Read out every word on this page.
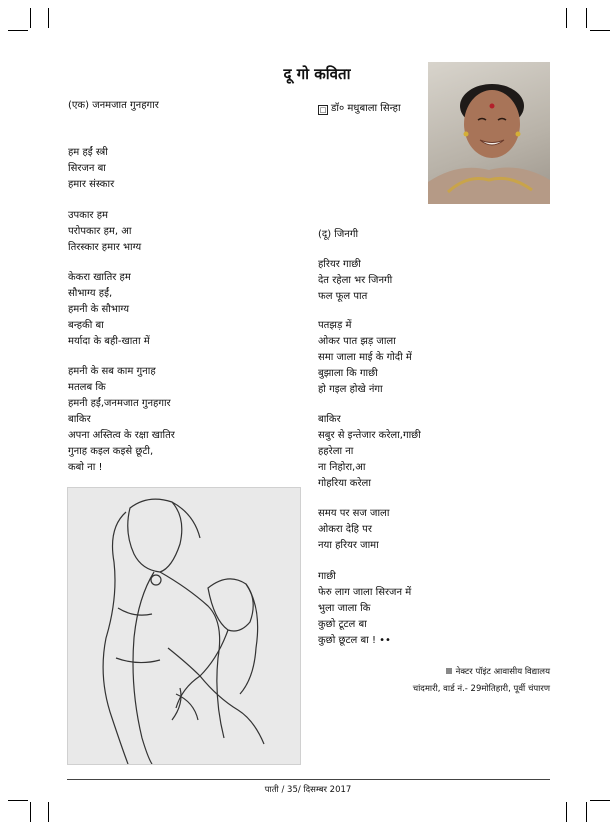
दू गो कविता
(एक) जनमजात गुनहगार
हम हईं स्त्री
सिरजन बा
हमार संस्कार
उपकार हम
परोपकार हम, आ
तिरस्कार हमार भाग्य
केकरा खातिर हम
सौभाग्य हईं,
हमनी के सौभाग्य
बन्हकी बा
मर्यादा के बही-खाता में
हमनी के सब काम गुनाह
मतलब कि
हमनी हईं,जनमजात गुनहगार
बाकिर
अपना अस्तित्व के रक्षा खातिर
गुनाह कइल कइसे छूटी,
कबो ना !
□ डॉ० मधुबाला सिन्हा
(दू) जिनगी
हरियर गाछी
देत रहेला भर जिनगी
फल फूल पात
पतझड़ में
ओकर पात झड़ जाला
समा जाला माई के गोदी में
बुझाला कि गाछी
हो गइल होखे नंगा
बाकिर
सबुर से इन्तेजार करेला,गाछी
हहरेला ना
ना निहोरा,आ
गोहरिया करेला
समय पर सज जाला
ओकरा देहि पर
नया हरियर जामा
गाछी
फेरु लाग जाला सिरजन में
भुला जाला कि
कुछो टूटल बा
कुछो छूटल बा ! ••
नेक्टर पॉइंट आवासीय विद्यालय
चांदमारी, वार्ड नं.- 29मोतिहारी, पूर्वी चंपारण
पाती / 35/ दिसम्बर 2017
